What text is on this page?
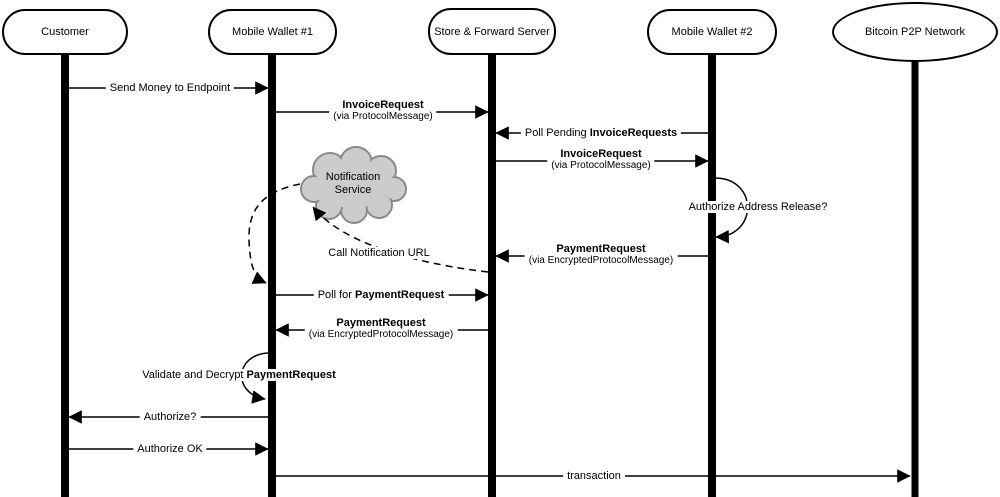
Customer	Mobile Wallet #1	Store & Forward Server	Mobile Wallet #2	Bitcoin P2P Network
Send Money to Endpoint
InvoiceRequest
(via ProtocolMessage)
Poll Pending InvoiceRequests
InvoiceRequest
(via ProtocolMessage)
Authorize Address Release?
PaymentRequest
(via EncryptedProtocolMessage)
Call Notification URL
Poll for PaymentRequest
PaymentRequest
(via EncryptedProtocolMessage)
Validate and Decrypt PaymentRequest
Authorize?
Authorize OK
transaction
Notification
Service
